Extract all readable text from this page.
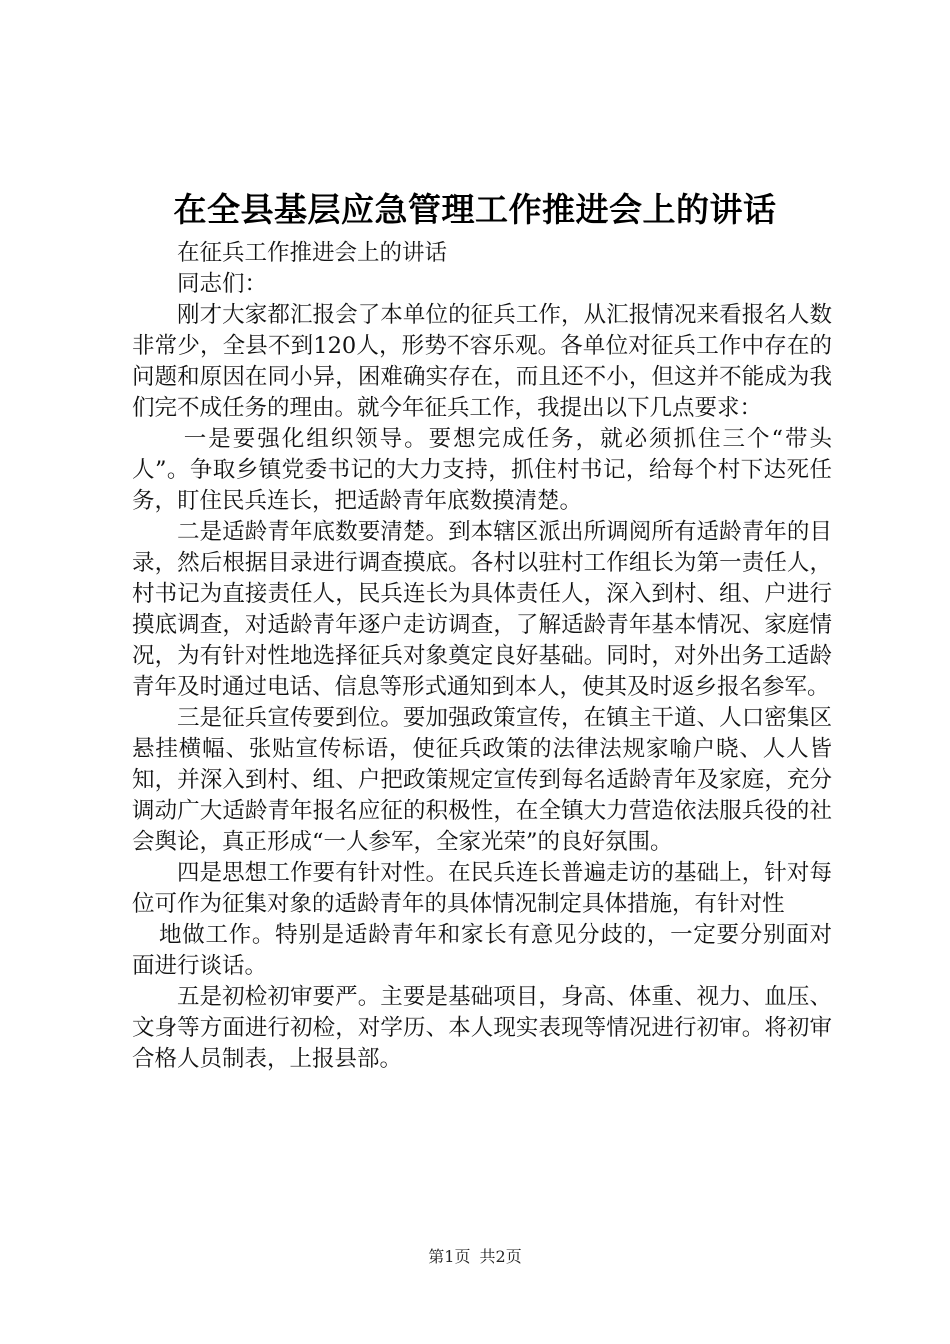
在全县基层应急管理工作推进会上的讲话

在征兵工作推进会上的讲话

同志们：

刚才大家都汇报会了本单位的征兵工作，从汇报情况来看报名人数非常少，全县不到120人，形势不容乐观。各单位对征兵工作中存在的问题和原因在同小异，困难确实存在，而且还不小，但这并不能成为我们完不成任务的理由。就今年征兵工作，我提出以下几点要求：

一是要强化组织领导。要想完成任务，就必须抓住三个“带头人”。争取乡镇党委书记的大力支持，抓住村书记，给每个村下达死任务，盯住民兵连长，把适龄青年底数摸清楚。

二是适龄青年底数要清楚。到本辖区派出所调阅所有适龄青年的目录，然后根据目录进行调查摸底。各村以驻村工作组长为第一责任人，村书记为直接责任人，民兵连长为具体责任人，深入到村、组、户进行摸底调查，对适龄青年逐户走访调查，了解适龄青年基本情况、家庭情况，为有针对性地选择征兵对象奠定良好基础。同时，对外出务工适龄青年及时通过电话、信息等形式通知到本人，使其及时返乡报名参军。

三是征兵宣传要到位。要加强政策宣传，在镇主干道、人口密集区悬挂横幅、张贴宣传标语，使征兵政策的法律法规家喻户晓、人人皆知，并深入到村、组、户把政策规定宣传到每名适龄青年及家庭，充分调动广大适龄青年报名应征的积极性，在全镇大力营造依法服兵役的社会舆论，真正形成“一人参军，全家光荣”的良好氛围。

四是思想工作要有针对性。在民兵连长普遍走访的基础上，针对每位可作为征集对象的适龄青年的具体情况制定具体措施，有针对性

地做工作。特别是适龄青年和家长有意见分歧的，一定要分别面对面进行谈话。

五是初检初审要严。主要是基础项目，身高、体重、视力、血压、文身等方面进行初检，对学历、本人现实表现等情况进行初审。将初审合格人员制表，上报县部。

第1页 共2页
